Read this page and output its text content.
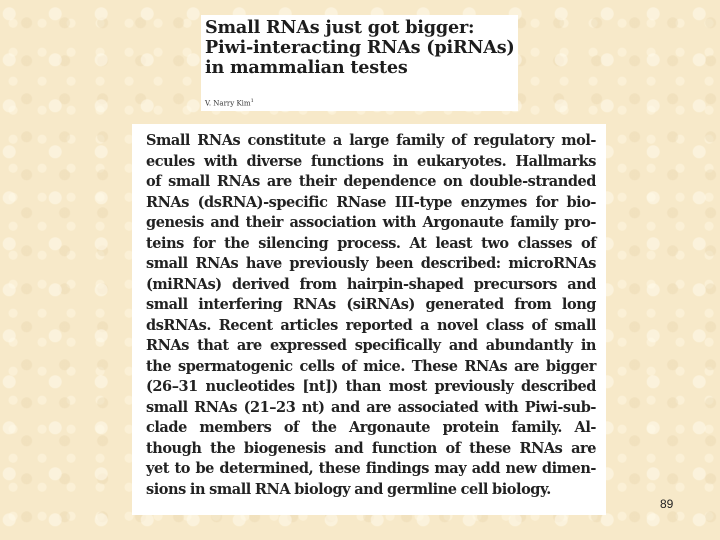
Small RNAs just got bigger:
Piwi-interacting RNAs (piRNAs)
in mammalian testes
V. Narry Kim$^1$
Small RNAs constitute a large family of regulatory mol-
ecules with diverse functions in eukaryotes. Hallmarks
of small RNAs are their dependence on double-stranded
RNAs (dsRNA)-specific RNase III-type enzymes for bio-
genesis and their association with Argonaute family pro-
teins for the silencing process. At least two classes of
small RNAs have previously been described: microRNAs
(miRNAs) derived from hairpin-shaped precursors and
small interfering RNAs (siRNAs) generated from long
dsRNAs. Recent articles reported a novel class of small
RNAs that are expressed specifically and abundantly in
the spermatogenic cells of mice. These RNAs are bigger
(26–31 nucleotides [nt]) than most previously described
small RNAs (21–23 nt) and are associated with Piwi-sub-
clade members of the Argonaute protein family. Al-
though the biogenesis and function of these RNAs are
yet to be determined, these findings may add new dimen-
sions in small RNA biology and germline cell biology.
89
